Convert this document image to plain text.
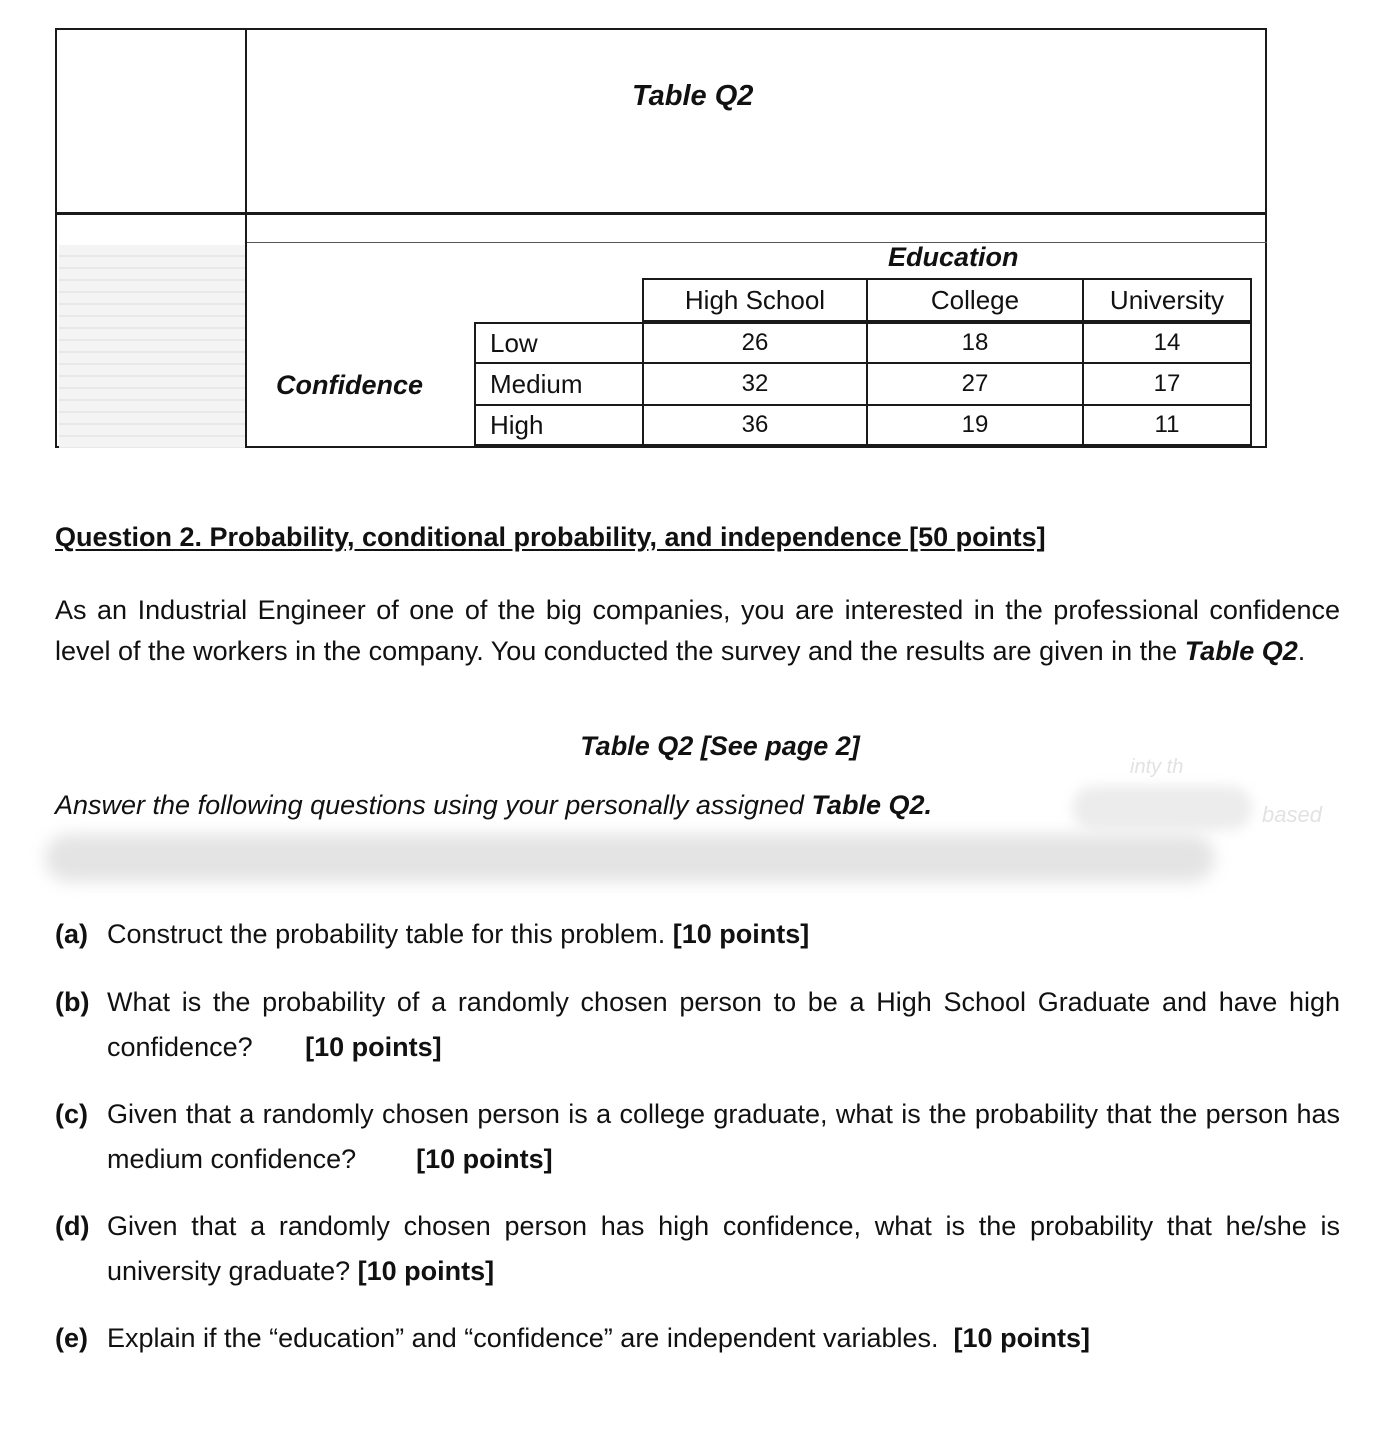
Table Q2
Education
Confidence
High School	College	University
Low	26	18	14
Medium	32	27	17
High	36	19	11
Question 2. Probability, conditional probability, and independence [50 points]
As an Industrial Engineer of one of the big companies, you are interested in the professional confidence level of the workers in the company. You conducted the survey and the results are given in the Table Q2.
Table Q2 [See page 2]
inty th
based
Answer the following questions using your personally assigned Table Q2.
(a) Construct the probability table for this problem. [10 points]
(b) What is the probability of a randomly chosen person to be a High School Graduate and have high confidence?       [10 points]
(c) Given that a randomly chosen person is a college graduate, what is the probability that the person has medium confidence?        [10 points]
(d) Given that a randomly chosen person has high confidence, what is the probability that he/she is university graduate? [10 points]
(e) Explain if the “education” and “confidence” are independent variables.  [10 points]
